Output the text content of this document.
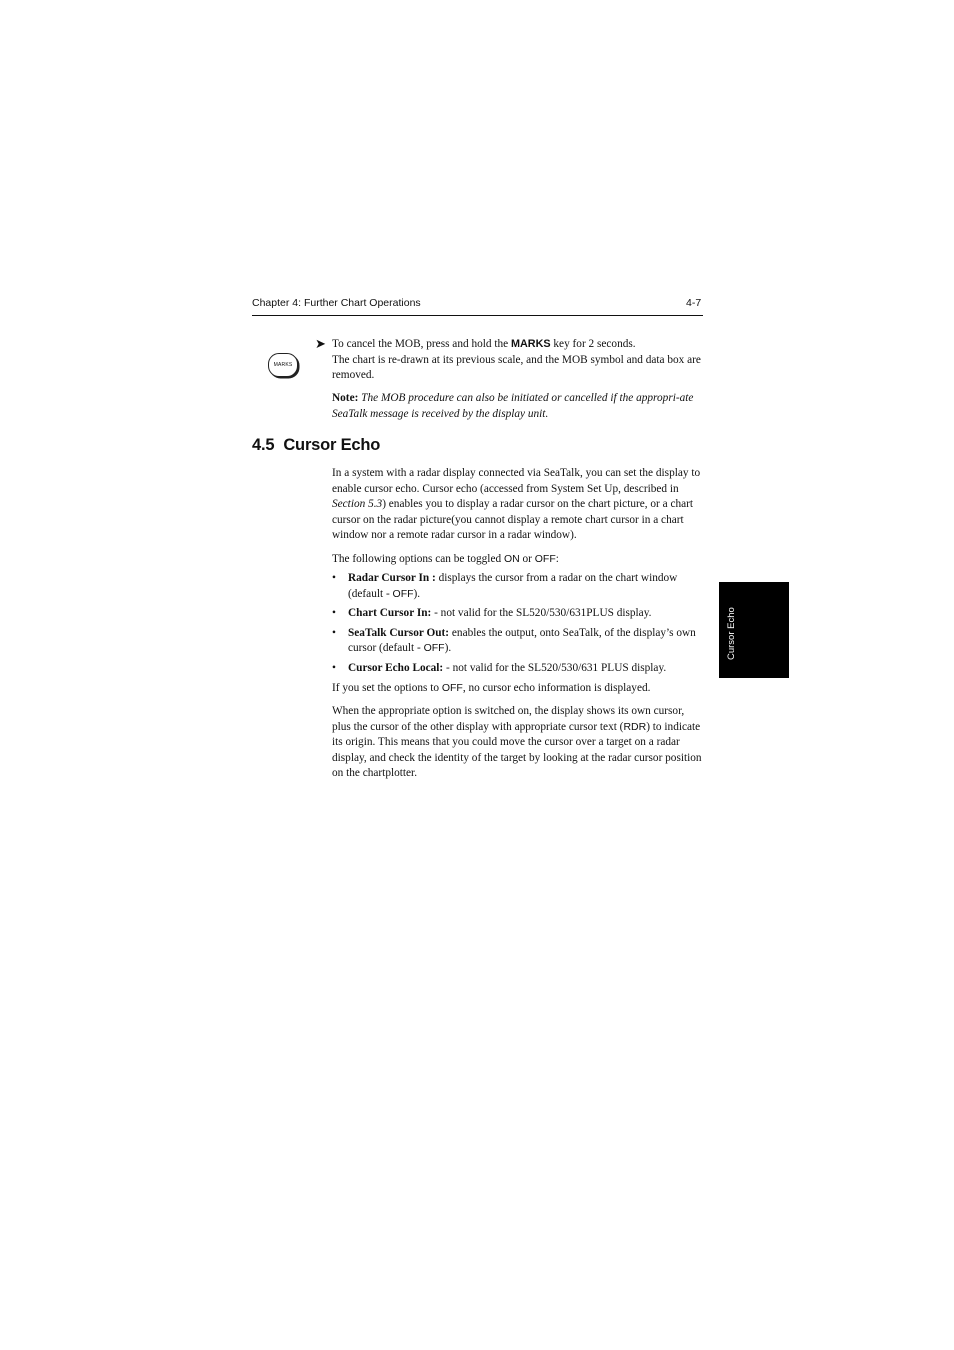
Chapter 4: Further Chart Operations	4-7
MARKS
➤ To cancel the MOB, press and hold the MARKS key for 2 seconds.

The chart is re-drawn at its previous scale, and the MOB symbol and data box are removed.

Note: The MOB procedure can also be initiated or cancelled if the appropri-ate SeaTalk message is received by the display unit.

4.5 Cursor Echo

In a system with a radar display connected via SeaTalk, you can set the display to enable cursor echo. Cursor echo (accessed from System Set Up, described in Section 5.3) enables you to display a radar cursor on the chart picture, or a chart cursor on the radar picture(you cannot display a remote chart cursor in a chart window nor a remote radar cursor in a radar window).

The following options can be toggled ON or OFF:

• Radar Cursor In : displays the cursor from a radar on the chart window (default - OFF).
• Chart Cursor In: - not valid for the SL520/530/631PLUS display.
• SeaTalk Cursor Out: enables the output, onto SeaTalk, of the display’s own cursor (default - OFF).
• Cursor Echo Local: - not valid for the SL520/530/631 PLUS display.

If you set the options to OFF, no cursor echo information is displayed.

When the appropriate option is switched on, the display shows its own cursor, plus the cursor of the other display with appropriate cursor text (RDR) to indicate its origin. This means that you could move the cursor over a target on a radar display, and check the identity of the target by looking at the radar cursor position on the chartplotter.

Cursor Echo
